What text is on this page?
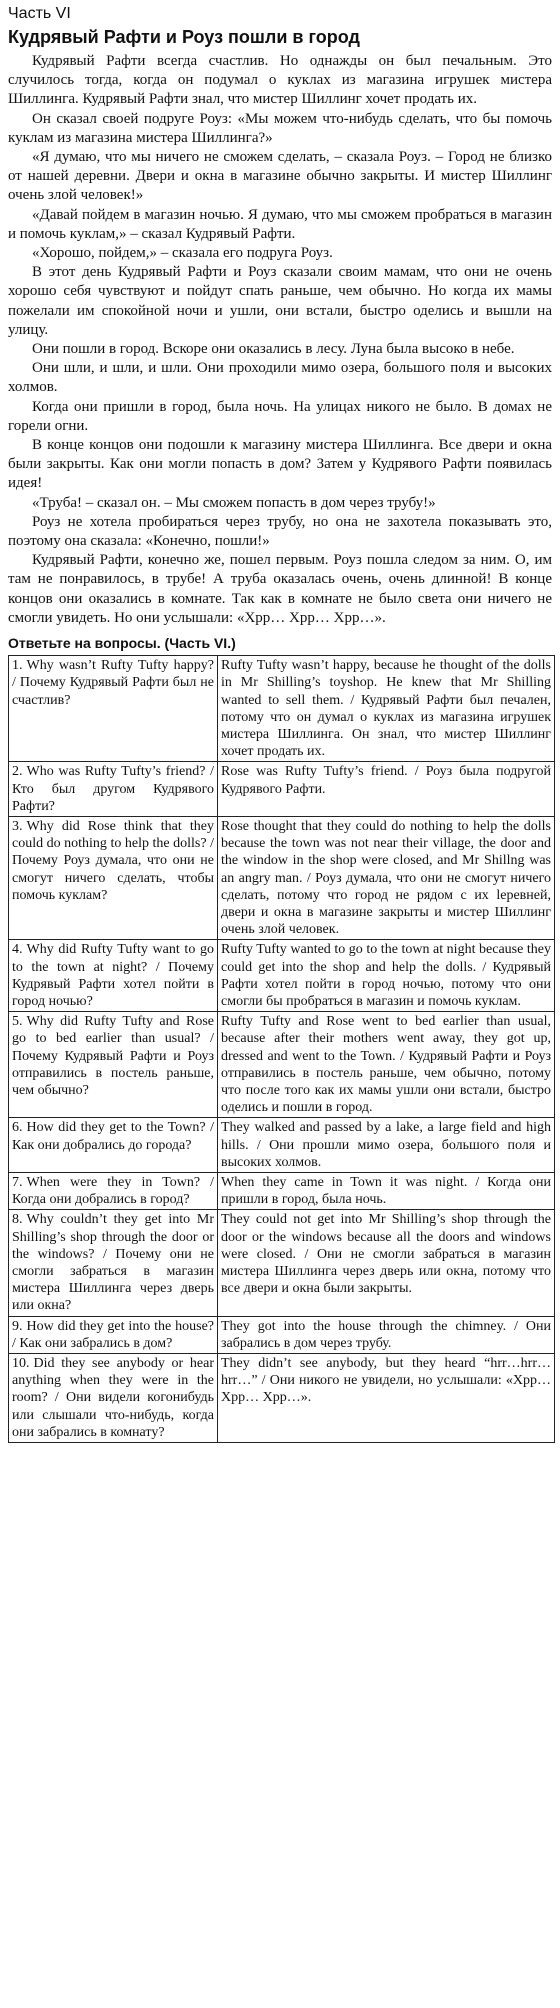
Часть VI
Кудрявый Рафти и Роуз пошли в город

Кудрявый Рафти всегда счастлив. Но однажды он был печальным. Это случилось тогда, когда он подумал о куклах из магазина игрушек мистера Шиллинга. Кудрявый Рафти знал, что мистер Шиллинг хочет продать их.

Он сказал своей подруге Роуз: «Мы можем что-нибудь сделать, что бы помочь куклам из магазина мистера Шиллинга?»

«Я думаю, что мы ничего не сможем сделать, – сказала Роуз. – Город не близко от нашей деревни. Двери и окна в магазине обычно закрыты. И мистер Шиллинг очень злой человек!»

«Давай пойдем в магазин ночью. Я думаю, что мы сможем пробраться в магазин и помочь куклам,» – сказал Кудрявый Рафти.

«Хорошо, пойдем,» – сказала его подруга Роуз.

В этот день Кудрявый Рафти и Роуз сказали своим мамам, что они не очень хорошо себя чувствуют и пойдут спать раньше, чем обычно. Но когда их мамы пожелали им спокойной ночи и ушли, они встали, быстро оделись и вышли на улицу.

Они пошли в город. Вскоре они оказались в лесу. Луна была высоко в небе.

Они шли, и шли, и шли. Они проходили мимо озера, большого поля и высоких холмов.

Когда они пришли в город, была ночь. На улицах никого не было. В домах не горели огни.

В конце концов они подошли к магазину мистера Шиллинга. Все двери и окна были закрыты. Как они могли попасть в дом? Затем у Кудрявого Рафти появилась идея!

«Труба! – сказал он. – Мы сможем попасть в дом через трубу!»

Роуз не хотела пробираться через трубу, но она не захотела показывать это, поэтому она сказала: «Конечно, пошли!»

Кудрявый Рафти, конечно же, пошел первым. Роуз пошла следом за ним. О, им там не понравилось, в трубе! А труба оказалась очень, очень длинной! В конце концов они оказались в комнате. Так как в комнате не было света они ничего не смогли увидеть. Но они услышали: «Хрр… Хрр… Хрр…».

Ответьте на вопросы. (Часть VI.)
1. Why wasn’t Rufty Tufty happy? / Почему Кудрявый Рафти был не счастлив?	Rufty Tufty wasn’t happy, because he thought of the dolls in Mr Shilling’s toyshop. He knew that Mr Shilling wanted to sell them. / Кудрявый Рафти был печален, потому что он думал о куклах из магазина игрушек мистера Шиллинга. Он знал, что мистер Шиллинг хочет продать их.
2. Who was Rufty Tufty’s friend? / Кто был другом Кудрявого Рафти?	Rose was Rufty Tufty’s friend. / Роуз была подругой Кудрявого Рафти.
3. Why did Rose think that they could do nothing to help the dolls? / Почему Роуз думала, что они не смогут ничего сделать, чтобы помочь куклам?	Rose thought that they could do nothing to help the dolls because the town was not near their village, the door and the window in the shop were closed, and Mr Shillng was an angry man. / Роуз думала, что они не смогут ничего сделать, потому что город не рядом с их lеревней, двери и окна в магазине закрыты и мистер Шиллинг очень злой человек.
4. Why did Rufty Tufty want to go to the town at night? / Почему Кудрявый Рафти хотел пойти в город ночью?	Rufty Tufty wanted to go to the town at night because they could get into the shop and help the dolls. / Кудрявый Рафти хотел пойти в город ночью, потому что они смогли бы пробраться в магазин и помочь куклам.
5. Why did Rufty Tufty and Rose go to bed earlier than usual? / Почему Кудрявый Рафти и Роуз отправились в постель раньше, чем обычно?	Rufty Tufty and Rose went to bed earlier than usual, because after their mothers went away, they got up, dressed and went to the Town. / Кудрявый Рафти и Роуз отправились в постель раньше, чем обычно, потому что после того как их мамы ушли они встали, быстро оделись и пошли в город.
6. How did they get to the Town? / Как они добрались до города?	They walked and passed by a lake, a large field and high hills. / Они прошли мимо озера, большого поля и высоких холмов.
7. When were they in Town? / Когда они добрались в город?	When they came in Town it was night. / Когда они пришли в город, была ночь.
8. Why couldn’t they get into Mr Shilling’s shop through the door or the windows? / Почему они не смогли забраться в магазин мистера Шиллинга через дверь или окна?	They could not get into Mr Shilling’s shop through the door or the windows because all the doors and windows were closed. / Они не смогли забраться в магазин мистера Шиллинга через дверь или окна, потому что все двери и окна были закрыты.
9. How did they get into the house? / Как они забрались в дом?	They got into the house through the chimney. / Они забрались в дом через трубу.
10. Did they see anybody or hear anything when they were in the room? / Они видели когонибудь или слышали что-нибудь, когда они забрались в комнату?	They didn’t see anybody, but they heard “hrr…hrr…hrr…” / Они никого не увидели, но услышали: «Хрр… Хрр… Хрр…».
